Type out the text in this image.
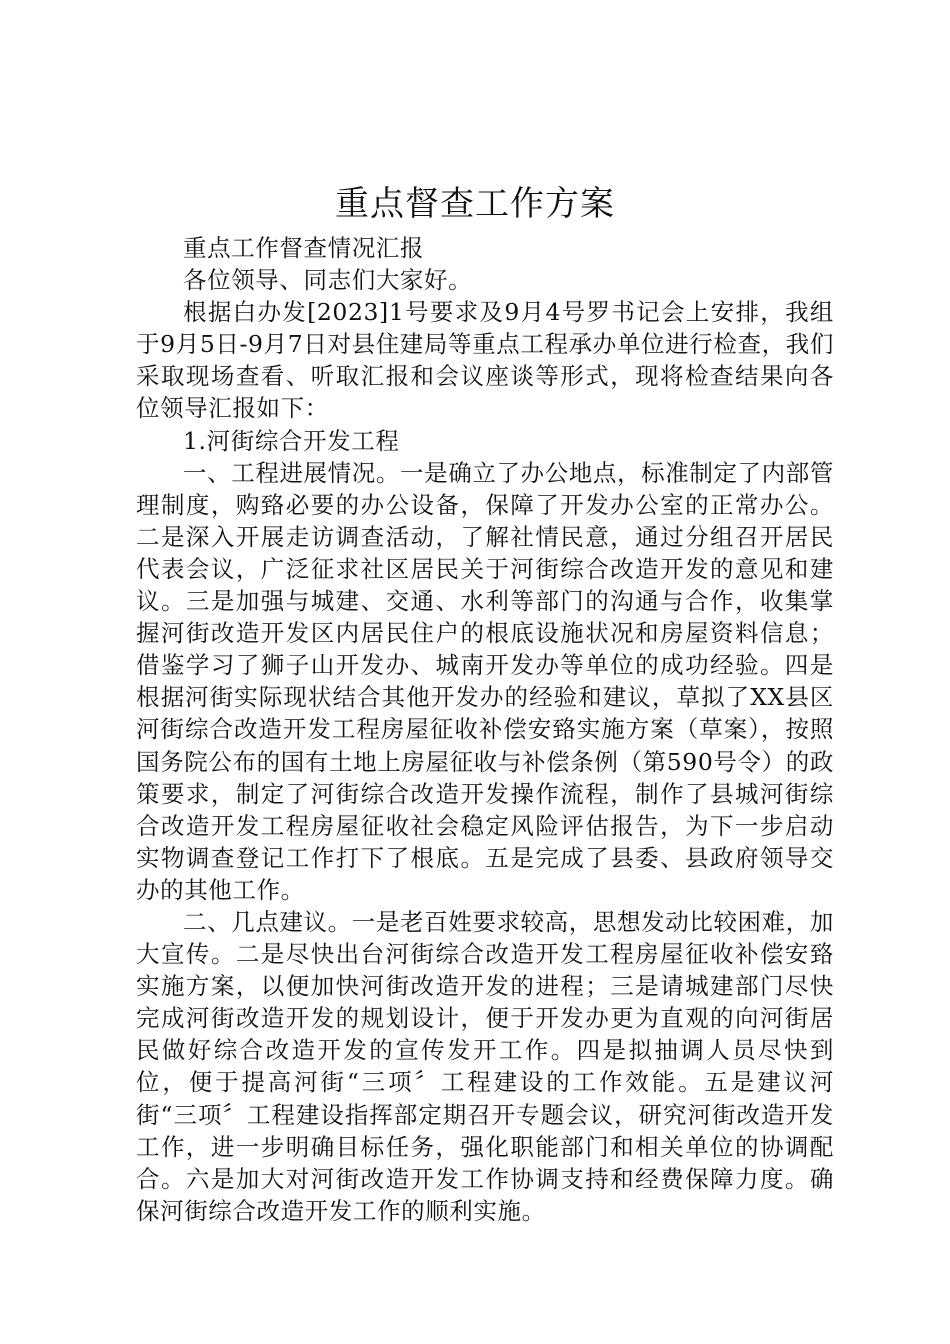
重点督查工作方案

重点工作督查情况汇报

各位领导、同志们大家好。

根据白办发[2023]1号要求及9月4号罗书记会上安排，我组于9月5日-9月7日对县住建局等重点工程承办单位进行检查，我们采取现场查看、听取汇报和会议座谈等形式，现将检查结果向各位领导汇报如下：

1.河街综合开发工程

一、工程进展情况。一是确立了办公地点，标准制定了内部管理制度，购臵必要的办公设备，保障了开发办公室的正常办公。二是深入开展走访调查活动，了解社情民意，通过分组召开居民代表会议，广泛征求社区居民关于河街综合改造开发的意见和建议。三是加强与城建、交通、水利等部门的沟通与合作，收集掌握河街改造开发区内居民住户的根底设施状况和房屋资料信息；借鉴学习了狮子山开发办、城南开发办等单位的成功经验。四是根据河街实际现状结合其他开发办的经验和建议，草拟了XX县区河街综合改造开发工程房屋征收补偿安臵实施方案（草案），按照国务院公布的国有土地上房屋征收与补偿条例（第590号令）的政策要求，制定了河街综合改造开发操作流程，制作了县城河街综合改造开发工程房屋征收社会稳定风险评估报告，为下一步启动实物调查登记工作打下了根底。五是完成了县委、县政府领导交办的其他工作。

二、几点建议。一是老百姓要求较高，思想发动比较困难，加大宣传。二是尽快出台河街综合改造开发工程房屋征收补偿安臵实施方案，以便加快河街改造开发的进程；三是请城建部门尽快完成河街改造开发的规划设计，便于开发办更为直观的向河街居民做好综合改造开发的宣传发开工作。四是拟抽调人员尽快到位，便于提高河街“三项〞工程建设的工作效能。五是建议河街“三项〞工程建设指挥部定期召开专题会议，研究河街改造开发工作，进一步明确目标任务，强化职能部门和相关单位的协调配合。六是加大对河街改造开发工作协调支持和经费保障力度。确保河街综合改造开发工作的顺利实施。
